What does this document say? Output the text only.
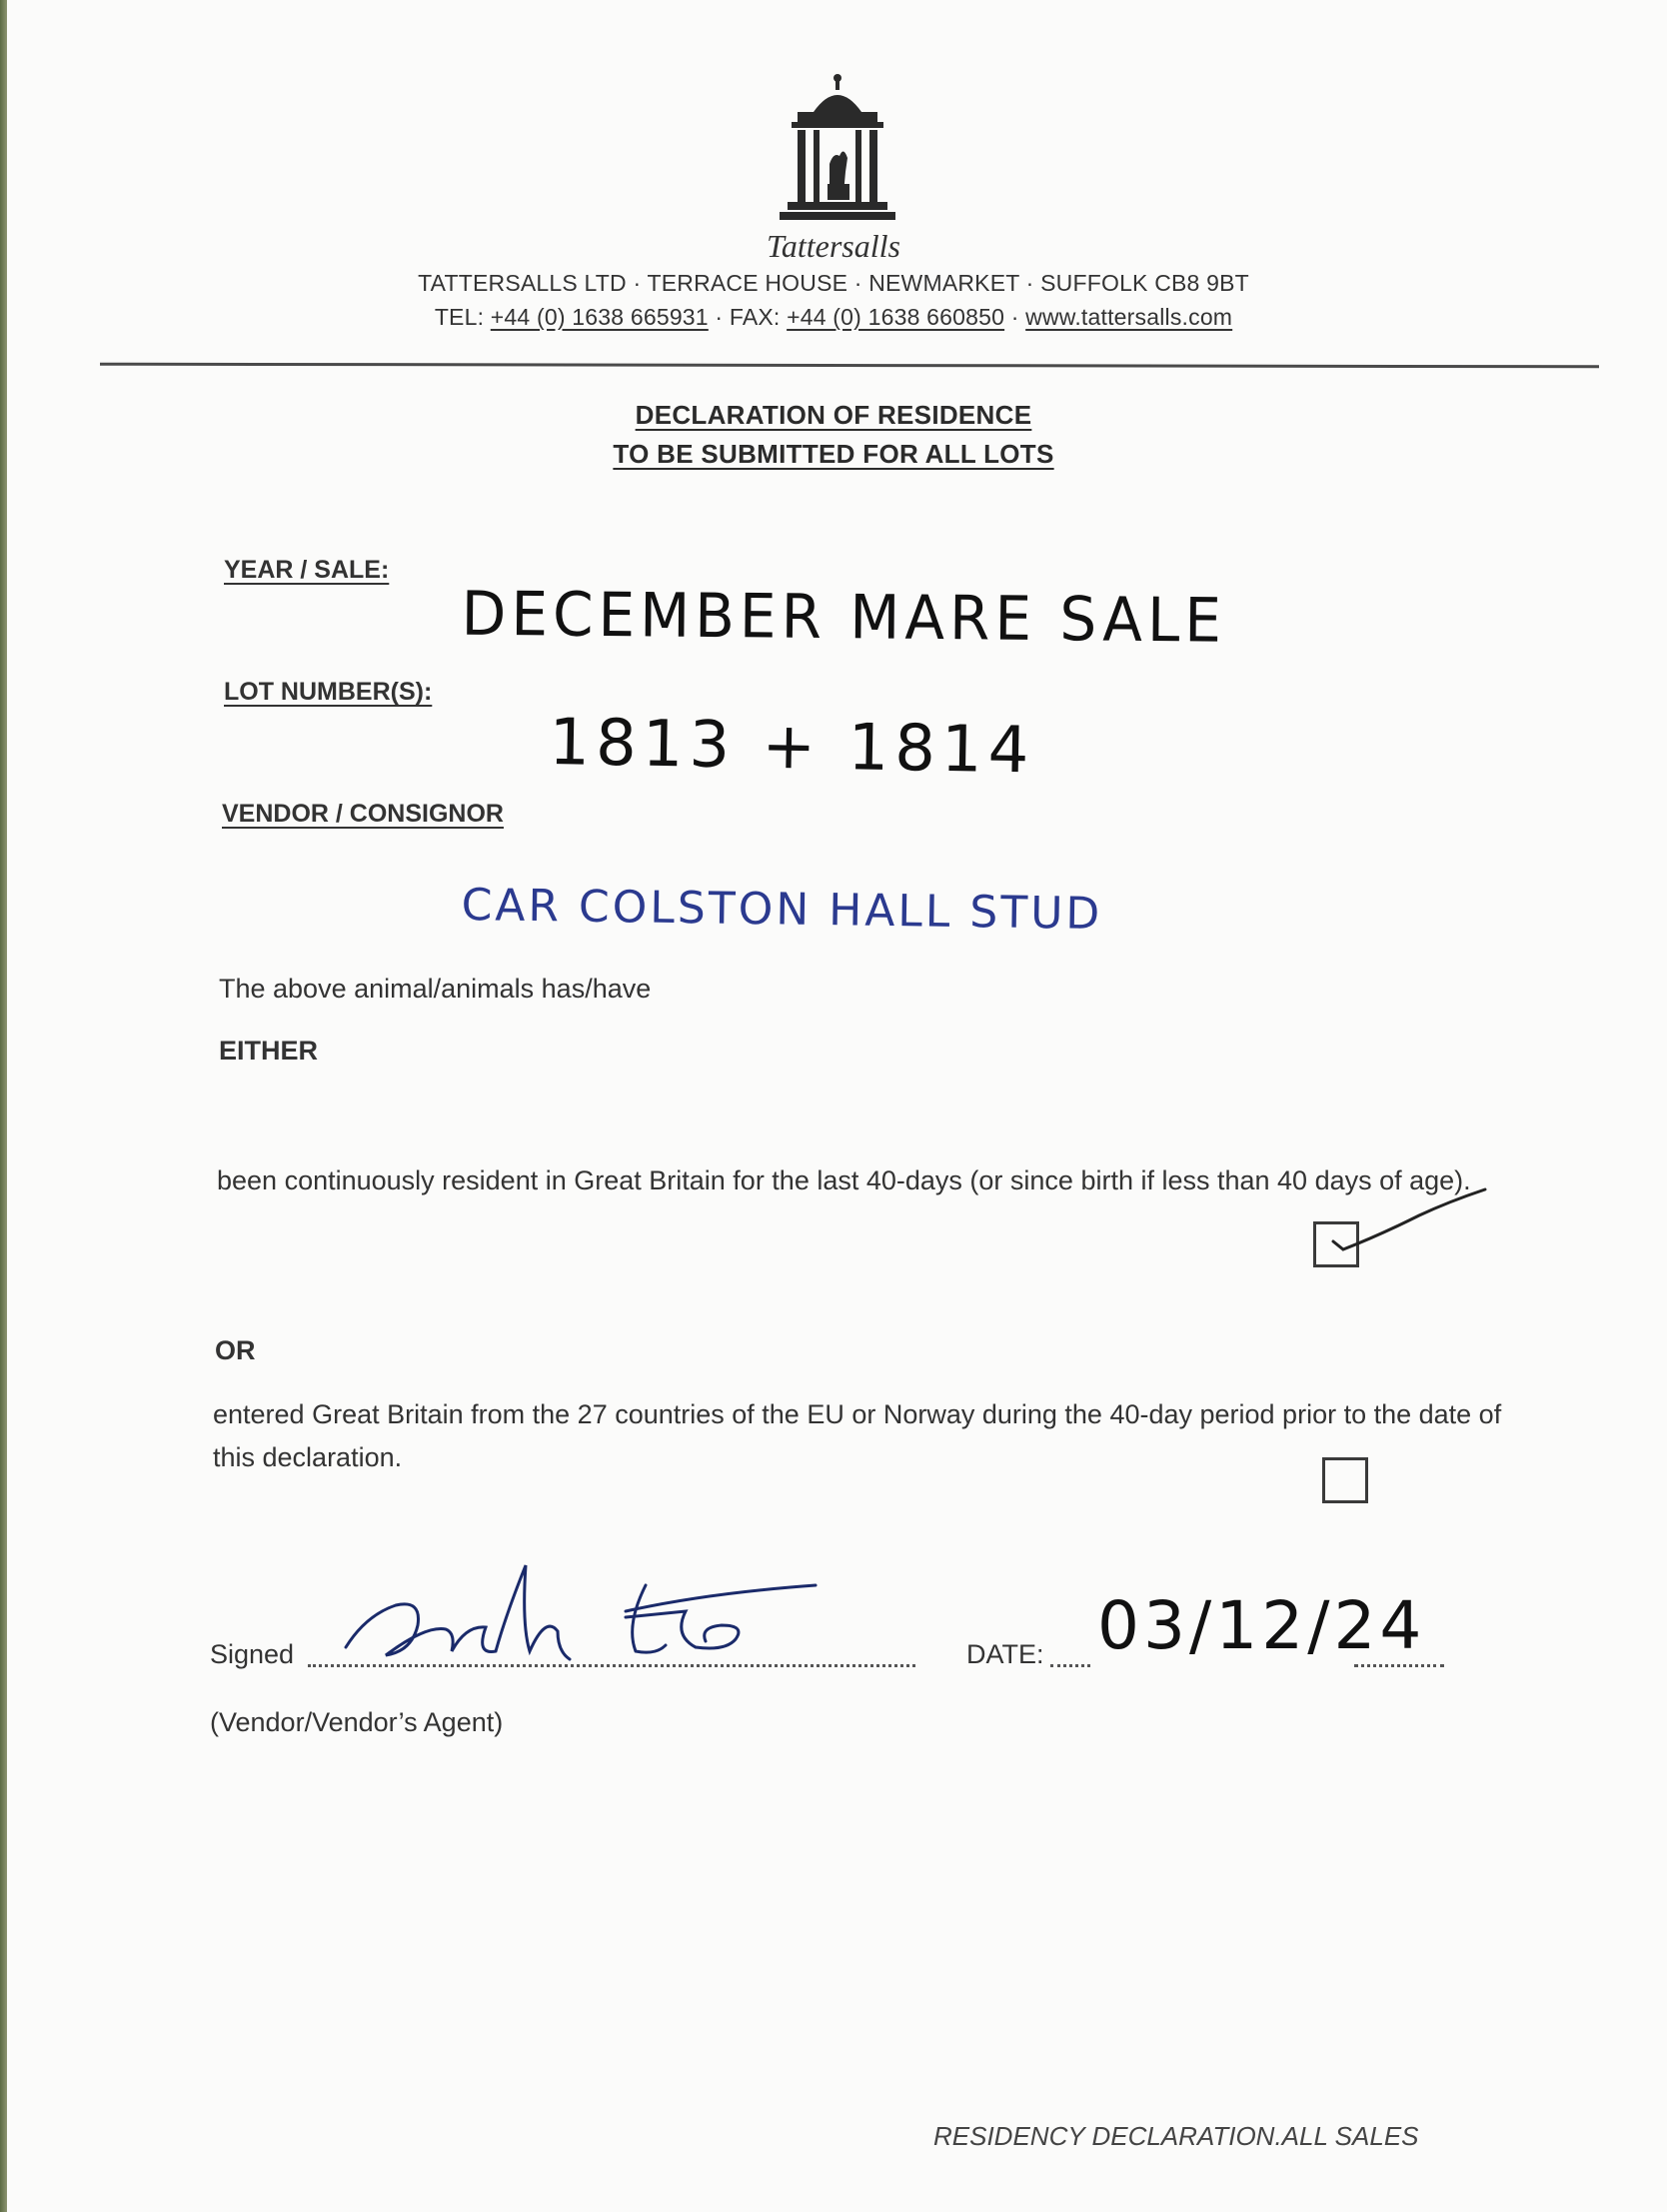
Tattersalls
TATTERSALLS LTD · TERRACE HOUSE · NEWMARKET · SUFFOLK CB8 9BT
TEL: +44 (0) 1638 665931 · FAX: +44 (0) 1638 660850 · www.tattersalls.com
DECLARATION OF RESIDENCE
TO BE SUBMITTED FOR ALL LOTS
YEAR / SALE:
DECEMBER MARE SALE
LOT NUMBER(S):
1813 + 1814
VENDOR / CONSIGNOR
CAR COLSTON HALL STUD
The above animal/animals has/have
EITHER
been continuously resident in Great Britain for the last 40-days (or since birth if less than 40 days of age).
OR
entered Great Britain from the 27 countries of the EU or Norway during the 40-day period prior to the date of this declaration.
Signed	DATE: 03/12/24
(Vendor/Vendor’s Agent)
RESIDENCY DECLARATION.ALL SALES
